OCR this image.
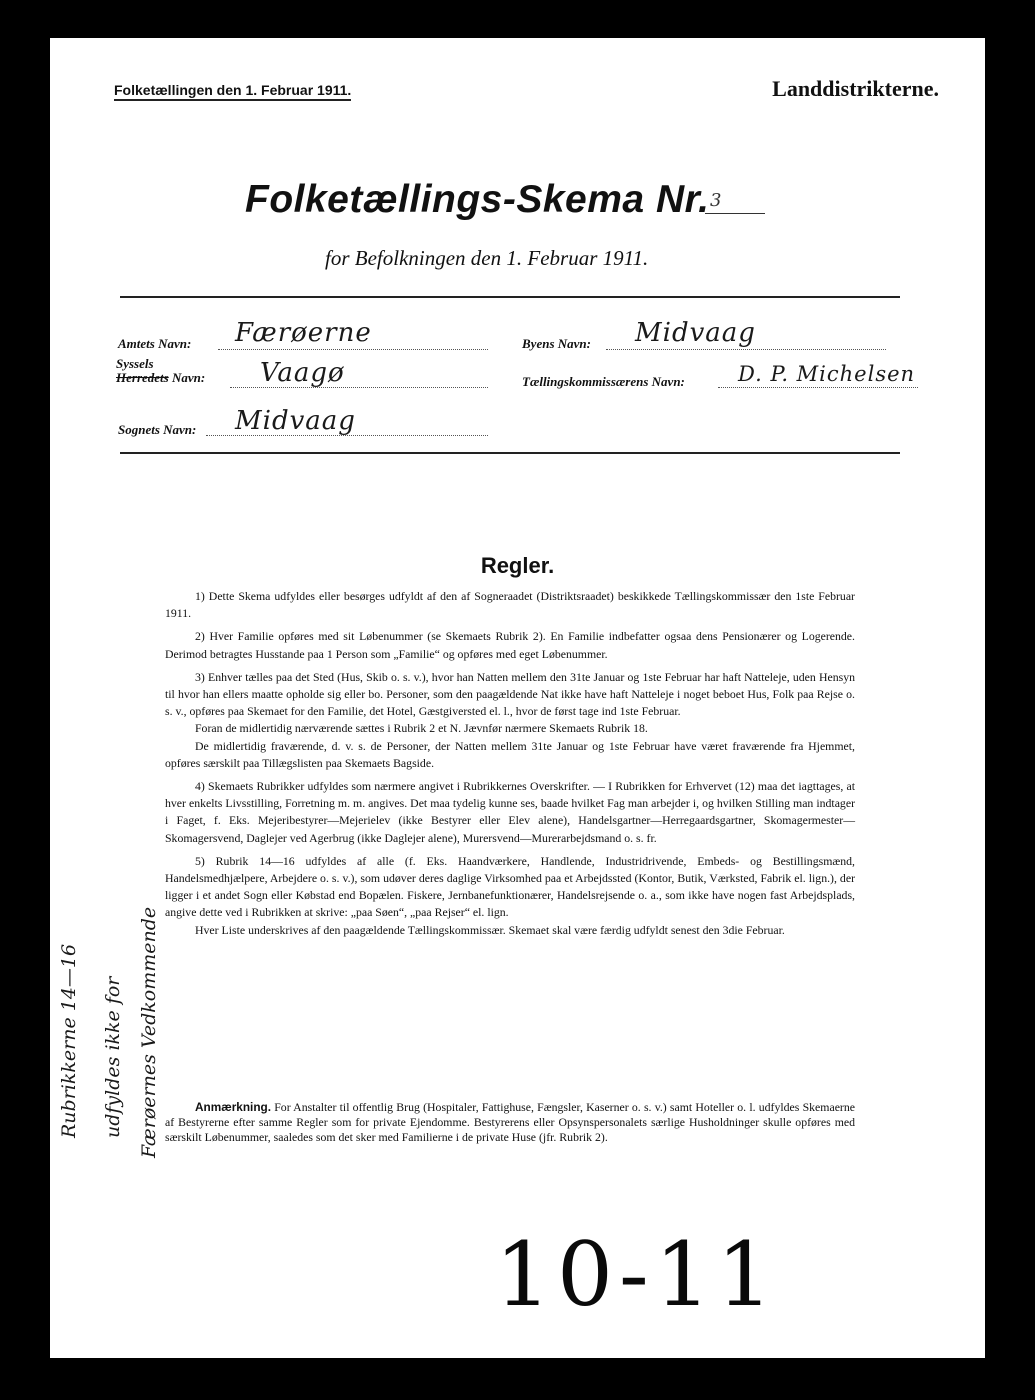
Folketællingen den 1. Februar 1911.	Landdistrikterne.
Folketællings-Skema Nr. 3
for Befolkningen den 1. Februar 1911.
Amtets Navn: Færøerne	Byens Navn: Midvaag
Syssels
Herredets Navn: Vaagø	Tællingskommissærens Navn:	D. P. Michelsen
Sognets Navn: Midvaag
Regler.

1) Dette Skema udfyldes eller besørges udfyldt af den af Sogneraadet (Distriktsraadet) beskikkede Tællingskommissær den 1ste Februar 1911.

2) Hver Familie opføres med sit Løbenummer (se Skemaets Rubrik 2). En Familie indbefatter ogsaa dens Pensionærer og Logerende. Derimod betragtes Husstande paa 1 Person som „Familie“ og opføres med eget Løbenummer.

3) Enhver tælles paa det Sted (Hus, Skib o. s. v.), hvor han Natten mellem den 31te Januar og 1ste Februar har haft Natteleje, uden Hensyn til hvor han ellers maatte opholde sig eller bo. Personer, som den paagældende Nat ikke have haft Natteleje i noget beboet Hus, Folk paa Rejse o. s. v., opføres paa Skemaet for den Familie, det Hotel, Gæstgiversted el. l., hvor de først tage ind 1ste Februar.

Foran de midlertidig nærværende sættes i Rubrik 2 et N. Jævnfør nærmere Skemaets Rubrik 18.

De midlertidig fraværende, d. v. s. de Personer, der Natten mellem 31te Januar og 1ste Februar have været fraværende fra Hjemmet, opføres særskilt paa Tillægslisten paa Skemaets Bagside.

4) Skemaets Rubrikker udfyldes som nærmere angivet i Rubrikkernes Overskrifter. — I Rubrikken for Erhvervet (12) maa det iagttages, at hver enkelts Livsstilling, Forretning m. m. angives. Det maa tydelig kunne ses, baade hvilket Fag man arbejder i, og hvilken Stilling man indtager i Faget, f. Eks. Mejeribestyrer—Mejerielev (ikke Bestyrer eller Elev alene), Handelsgartner—Herregaardsgartner, Skomagermester—Skomagersvend, Daglejer ved Agerbrug (ikke Daglejer alene), Murersvend—Murerarbejdsmand o. s. fr.

5) Rubrik 14—16 udfyldes af alle (f. Eks. Haandværkere, Handlende, Industridrivende, Embeds- og Bestillingsmænd, Handelsmedhjælpere, Arbejdere o. s. v.), som udøver deres daglige Virksomhed paa et Arbejdssted (Kontor, Butik, Værksted, Fabrik el. lign.), der ligger i et andet Sogn eller Købstad end Bopælen. Fiskere, Jernbanefunktionærer, Handelsrejsende o. a., som ikke have nogen fast Arbejdsplads, angive dette ved i Rubrikken at skrive: „paa Søen“, „paa Rejser“ el. lign.

Hver Liste underskrives af den paagældende Tællingskommissær. Skemaet skal være færdig udfyldt senest den 3die Februar.

Anmærkning. For Anstalter til offentlig Brug (Hospitaler, Fattighuse, Fængsler, Kaserner o. s. v.) samt Hoteller o. l. udfyldes Skemaerne af Bestyrerne efter samme Regler som for private Ejendomme. Bestyrerens eller Opsynspersonalets særlige Husholdninger skulle opføres med særskilt Løbenummer, saaledes som det sker med Familierne i de private Huse (jfr. Rubrik 2).
Rubrikkerne 14—16 udfyldes ikke for Færøernes Vedkommende
10-11
